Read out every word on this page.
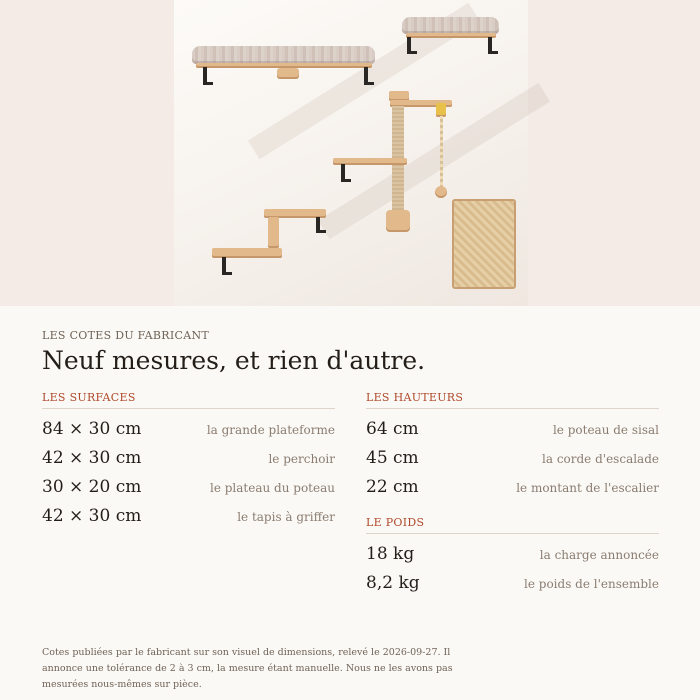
LES COTES DU FABRICANT
Neuf mesures, et rien d'autre.
LES SURFACES
84 × 30 cm	la grande plateforme
42 × 30 cm	le perchoir
30 × 20 cm	le plateau du poteau
42 × 30 cm	le tapis à griffer
LES HAUTEURS
64 cm	le poteau de sisal
45 cm	la corde d'escalade
22 cm	le montant de l'escalier
LE POIDS
18 kg	la charge annoncée
8,2 kg	le poids de l'ensemble

Cotes publiées par le fabricant sur son visuel de dimensions, relevé le 2026-09-27. Il annonce une tolérance de 2 à 3 cm, la mesure étant manuelle. Nous ne les avons pas mesurées nous-mêmes sur pièce.
